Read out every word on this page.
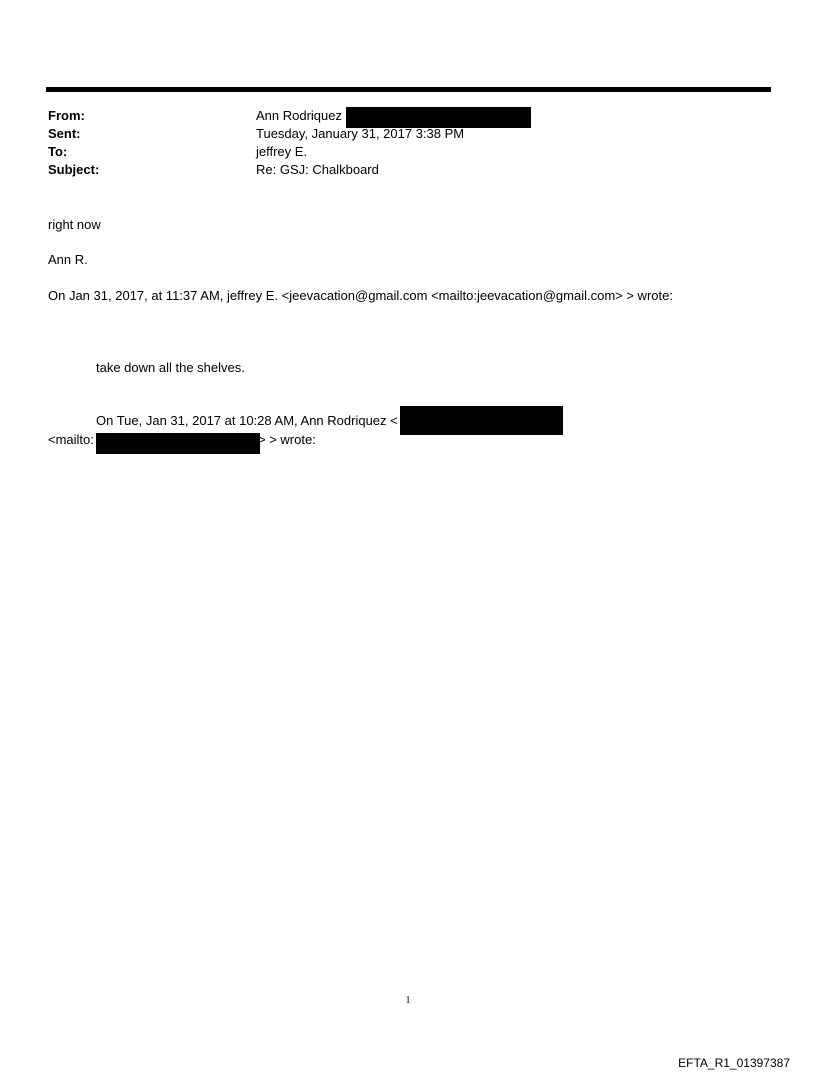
From:	Ann Rodriquez
Sent:	Tuesday, January 31, 2017 3:38 PM
To:	jeffrey E.
Subject:	Re: GSJ: Chalkboard
right now
Ann R.
On Jan 31, 2017, at 11:37 AM, jeffrey E. <jeevacation@gmail.com <mailto:jeevacation@gmail.com> > wrote:
take down all the shelves.
On Tue, Jan 31, 2017 at 10:28 AM, Ann Rodriquez <
<mailto:	> > wrote:
1
EFTA_R1_01397387
